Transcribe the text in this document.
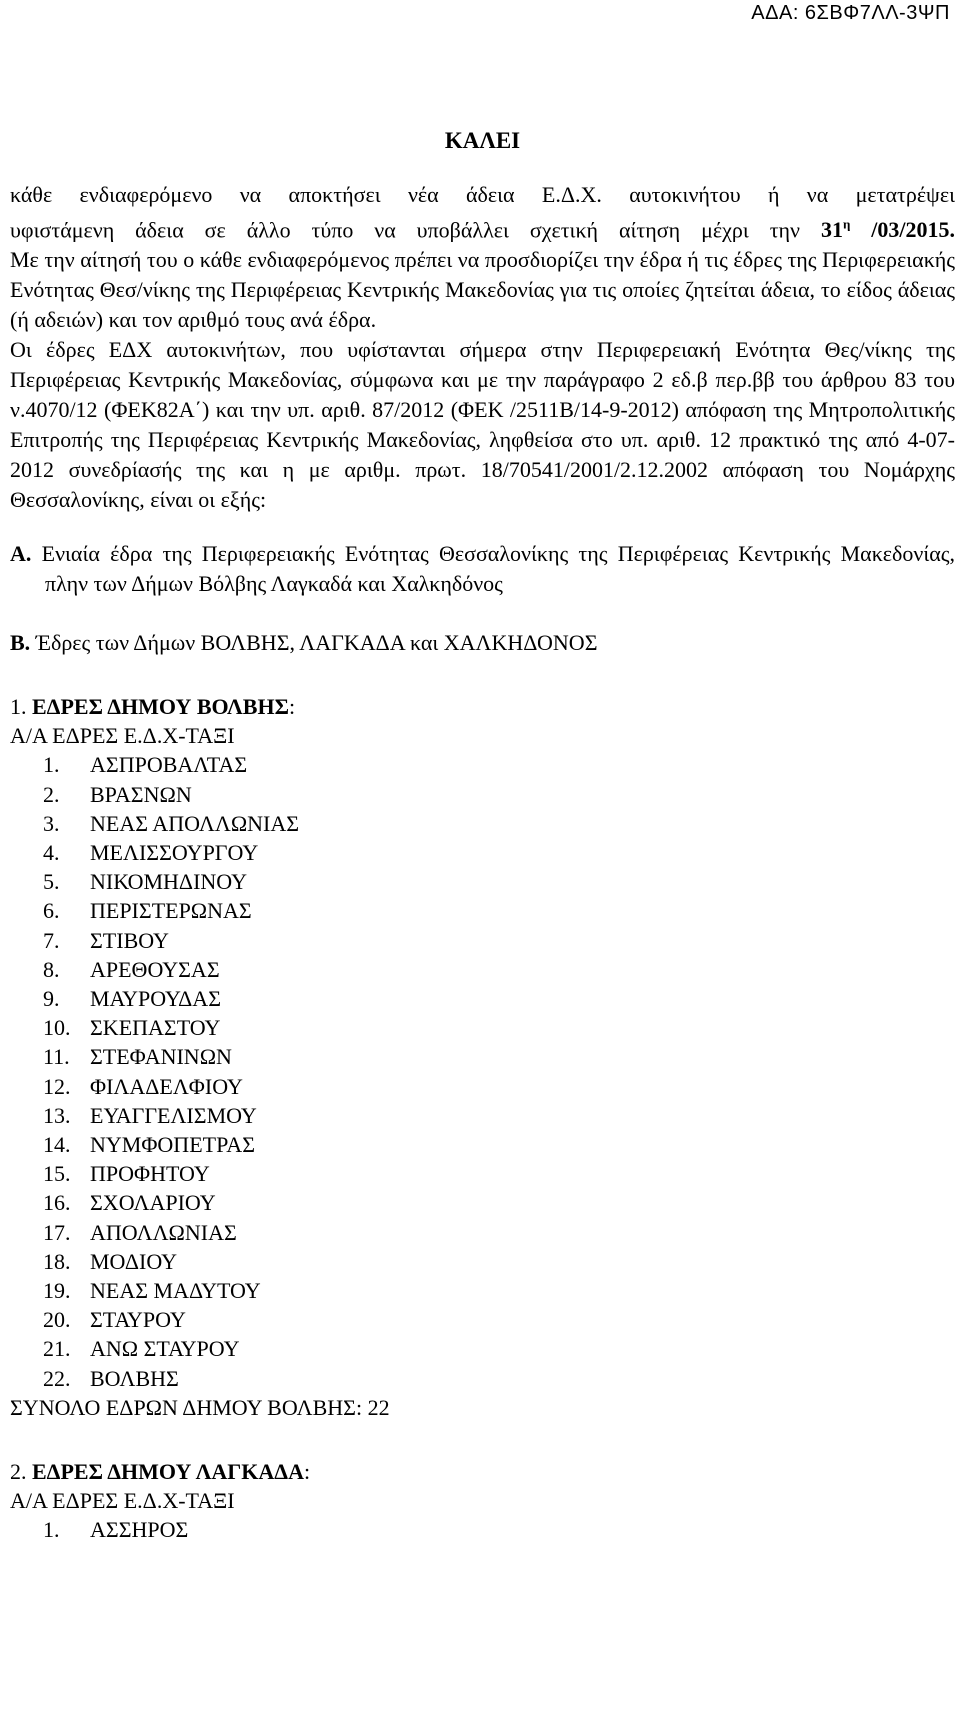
ΑΔΑ: 6ΣΒΦ7ΛΛ-3ΨΠ
ΚΑΛΕΙ
κάθε ενδιαφερόμενο να αποκτήσει νέα άδεια Ε.Δ.Χ. αυτοκινήτου ή να μετατρέψει
υφιστάμενη άδεια σε άλλο τύπο να υποβάλλει σχετική αίτηση μέχρι την $31^\eta$ /03/2015.

Με την αίτησή του ο κάθε ενδιαφερόμενος πρέπει να προσδιορίζει την έδρα ή τις έδρες της Περιφερειακής Ενότητας Θεσ/νίκης της Περιφέρειας Κεντρικής Μακεδονίας για τις οποίες ζητείται άδεια, το είδος άδειας (ή αδειών) και τον αριθμό τους ανά έδρα.

Οι έδρες ΕΔΧ αυτοκινήτων, που υφίστανται σήμερα στην Περιφερειακή Ενότητα Θες/νίκης της Περιφέρειας Κεντρικής Μακεδονίας, σύμφωνα και με την παράγραφο 2 εδ.β περ.ββ του άρθρου 83 του ν.4070/12 (ΦΕΚ82Α΄) και την υπ. αριθ. 87/2012 (ΦΕΚ /2511Β/14-9-2012) απόφαση της Μητροπολιτικής Επιτροπής της Περιφέρειας Κεντρικής Μακεδονίας, ληφθείσα στο υπ. αριθ. 12 πρακτικό της από 4-07-2012 συνεδρίασής της και η με αριθμ. πρωτ. 18/70541/2001/2.12.2002 απόφαση του Νομάρχης Θεσσαλονίκης, είναι οι εξής:

Α. Ενιαία έδρα της Περιφερειακής Ενότητας Θεσσαλονίκης της Περιφέρειας Κεντρικής Μακεδονίας, πλην των Δήμων Βόλβης Λαγκαδά και Χαλκηδόνος

Β. Έδρες των Δήμων ΒΟΛΒΗΣ, ΛΑΓΚΑΔΑ και ΧΑΛΚΗΔΟΝΟΣ
1. ΕΔΡΕΣ ΔΗΜΟΥ ΒΟΛΒΗΣ:
Α/Α ΕΔΡΕΣ Ε.Δ.Χ-ΤΑΞΙ
1. ΑΣΠΡΟΒΑΛΤΑΣ
2. ΒΡΑΣΝΩΝ
3. ΝΕΑΣ ΑΠΟΛΛΩΝΙΑΣ
4. ΜΕΛΙΣΣΟΥΡΓΟΥ
5. ΝΙΚΟΜΗΔΙΝΟΥ
6. ΠΕΡΙΣΤΕΡΩΝΑΣ
7. ΣΤΙΒΟΥ
8. ΑΡΕΘΟΥΣΑΣ
9. ΜΑΥΡΟΥΔΑΣ
10. ΣΚΕΠΑΣΤΟΥ
11. ΣΤΕΦΑΝΙΝΩΝ
12. ΦΙΛΑΔΕΛΦΙΟΥ
13. ΕΥΑΓΓΕΛΙΣΜΟΥ
14. ΝΥΜΦΟΠΕΤΡΑΣ
15. ΠΡΟΦΗΤΟΥ
16. ΣΧΟΛΑΡΙΟΥ
17. ΑΠΟΛΛΩΝΙΑΣ
18. ΜΟΔΙΟΥ
19. ΝΕΑΣ ΜΑΔΥΤΟΥ
20. ΣΤΑΥΡΟΥ
21. ΑΝΩ ΣΤΑΥΡΟΥ
22. ΒΟΛΒΗΣ
ΣΥΝΟΛΟ ΕΔΡΩΝ ΔΗΜΟΥ ΒΟΛΒΗΣ: 22
2. ΕΔΡΕΣ ΔΗΜΟΥ ΛΑΓΚΑΔΑ:
Α/Α ΕΔΡΕΣ Ε.Δ.Χ-ΤΑΞΙ
1. ΑΣΣΗΡΟΣ
